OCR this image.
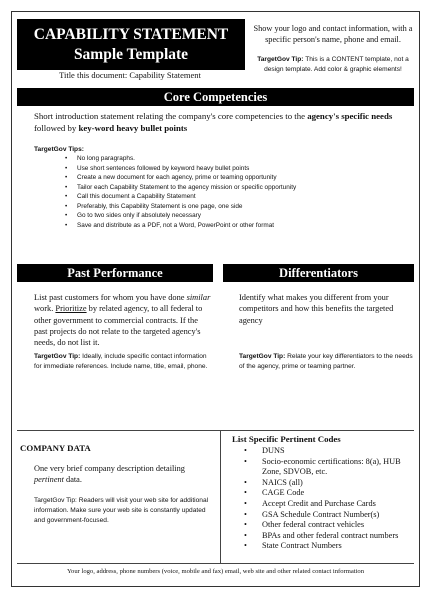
CAPABILITY STATEMENT
Sample Template
Title this document: Capability Statement
Show your logo and contact information, with a specific person's name, phone and email.
TargetGov Tip: This is a CONTENT template, not a design template. Add color & graphic elements!
Core Competencies
Short introduction statement relating the company's core competencies to the agency's specific needs followed by key-word heavy bullet points
TargetGov Tips:
• No long paragraphs.
• Use short sentences followed by keyword heavy bullet points
• Create a new document for each agency, prime or teaming opportunity
• Tailor each Capability Statement to the agency mission or specific opportunity
• Call this document a Capability Statement
• Preferably, this Capability Statement is one page, one side
• Go to two sides only if absolutely necessary
• Save and distribute as a PDF, not a Word, PowerPoint or other format
Past Performance
List past customers for whom you have done similar work. Prioritize by related agency, to all federal to other government to commercial contracts. If the past projects do not relate to the targeted agency's needs, do not list it.
TargetGov Tip: Ideally, include specific contact information for immediate references. Include name, title, email, phone.
Differentiators
Identify what makes you different from your competitors and how this benefits the targeted agency
TargetGov Tip: Relate your key differentiators to the needs of the agency, prime or teaming partner.
COMPANY DATA
One very brief company description detailing pertinent data.
TargetGov Tip: Readers will visit your web site for additional information. Make sure your web site is constantly updated and government-focused.
List Specific Pertinent Codes
• DUNS
• Socio-economic certifications: 8(a), HUB Zone, SDVOB, etc.
• NAICS (all)
• CAGE Code
• Accept Credit and Purchase Cards
• GSA Schedule Contract Number(s)
• Other federal contract vehicles
• BPAs and other federal contract numbers
• State Contract Numbers
Your logo, address, phone numbers (voice, mobile and fax) email, web site and other related contact information
